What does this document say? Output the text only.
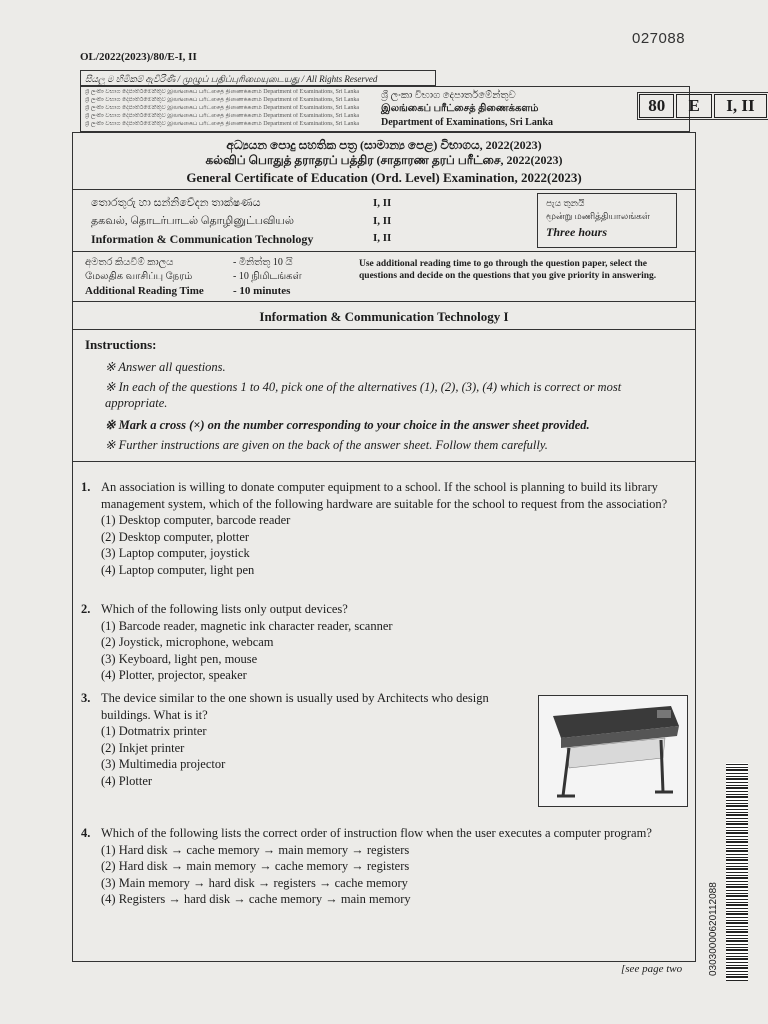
027088
OL/2022(2023)/80/E-I, II
සියලු ම හිමිකම් ඇවිරිණි / முழுப் பதிப்புரிமையுடையது / All Rights Reserved
ශ්‍රී ලංකා විභාග දෙපාර්තමේන්තුව இலங்கைப் பரீட்சைத் திணைக்களம் Department of Examinations, Sri Lanka
ශ්‍රී ලංකා විභාග දෙපාර්තමේන්තුව இலங்கைப் பரீட்சைத் திணைக்களம் Department of Examinations, Sri Lanka
ශ්‍රී ලංකා විභාග දෙපාර්තමේන්තුව இலங்கைப் பரீட்சைத் திணைக்களம் Department of Examinations, Sri Lanka
ශ්‍රී ලංකා විභාග දෙපාර්තමේන්තුව இலங்கைப் பரீட்சைத் திணைக்களம் Department of Examinations, Sri Lanka
ශ්‍රී ලංකා විභාග දෙපාර්තමේන්තුව இலங்கைப் பரீட்சைத் திணைக்களம் Department of Examinations, Sri Lanka
ශ්‍රී ලංකා විභාග දෙපාර්තමේන්තුව
இலங்கைப் பரீட்சைத் திணைக்களம்
Department of Examinations, Sri Lanka
80	E	I, II
අධ්‍යයන පොදු සහතික පත්‍ර (සාමාන්‍ය පෙළ) විභාගය, 2022(2023)
கல்விப் பொதுத் தராதரப் பத்திர (சாதாரண தரப் பரீட்சை, 2022(2023)
General Certificate of Education (Ord. Level) Examination, 2022(2023)
තොරතුරු හා සන්නිවේදන තාක්ෂණය	I, II
தகவல், தொடர்பாடல் தொழினுட்பவியல்	I, II
Information & Communication Technology	I, II
පැය තුනයි
மூன்று மணித்தியாலங்கள்
Three hours
අමතර කියවීම් කාලය	- මිනිත්තු 10 යි
மேலதிக வாசிப்பு நேரம்	- 10 நிமிடங்கள்
Additional Reading Time	- 10 minutes
Use additional reading time to go through the question paper, select the questions and decide on the questions that you give priority in answering.
Information & Communication Technology I
Instructions:
※ Answer all questions.
※ In each of the questions 1 to 40, pick one of the alternatives (1), (2), (3), (4) which is correct or most appropriate.
※ Mark a cross (×) on the number corresponding to your choice in the answer sheet provided.
※ Further instructions are given on the back of the answer sheet. Follow them carefully.
1. An association is willing to donate computer equipment to a school. If the school is planning to build its library management system, which of the following hardware are suitable for the school to request from the association?
(1) Desktop computer, barcode reader
(2) Desktop computer, plotter
(3) Laptop computer, joystick
(4) Laptop computer, light pen
2. Which of the following lists only output devices?
(1) Barcode reader, magnetic ink character reader, scanner
(2) Joystick, microphone, webcam
(3) Keyboard, light pen, mouse
(4) Plotter, projector, speaker
3. The device similar to the one shown is usually used by Architects who design buildings. What is it?
(1) Dotmatrix printer
(2) Inkjet printer
(3) Multimedia projector
(4) Plotter
4. Which of the following lists the correct order of instruction flow when the user executes a computer program?
(1) Hard disk → cache memory → main memory → registers
(2) Hard disk → main memory → cache memory → registers
(3) Main memory → hard disk → registers → cache memory
(4) Registers → hard disk → cache memory → main memory
[see page two	03030000620112088
